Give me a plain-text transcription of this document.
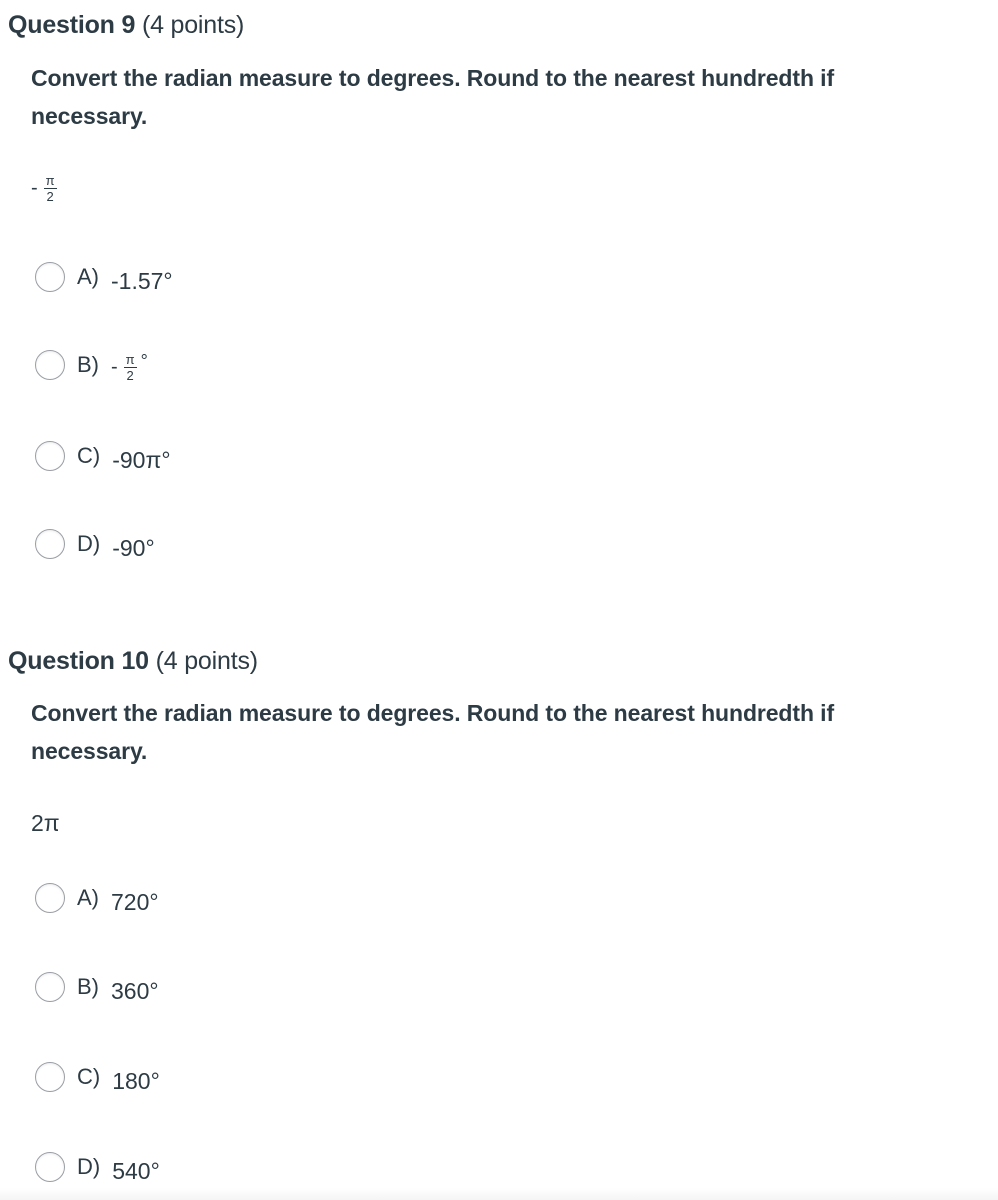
Question 9 (4 points)
Convert the radian measure to degrees. Round to the nearest hundredth if necessary.
- $\frac{\pi}{2}$
A) -1.57°
$B) - \frac{\pi}{2}$ °
C) -90π°
D) -90°
Question 10 (4 points)
Convert the radian measure to degrees. Round to the nearest hundredth if necessary.
2π
A) 720°
B) 360°
C) 180°
D) 540°
